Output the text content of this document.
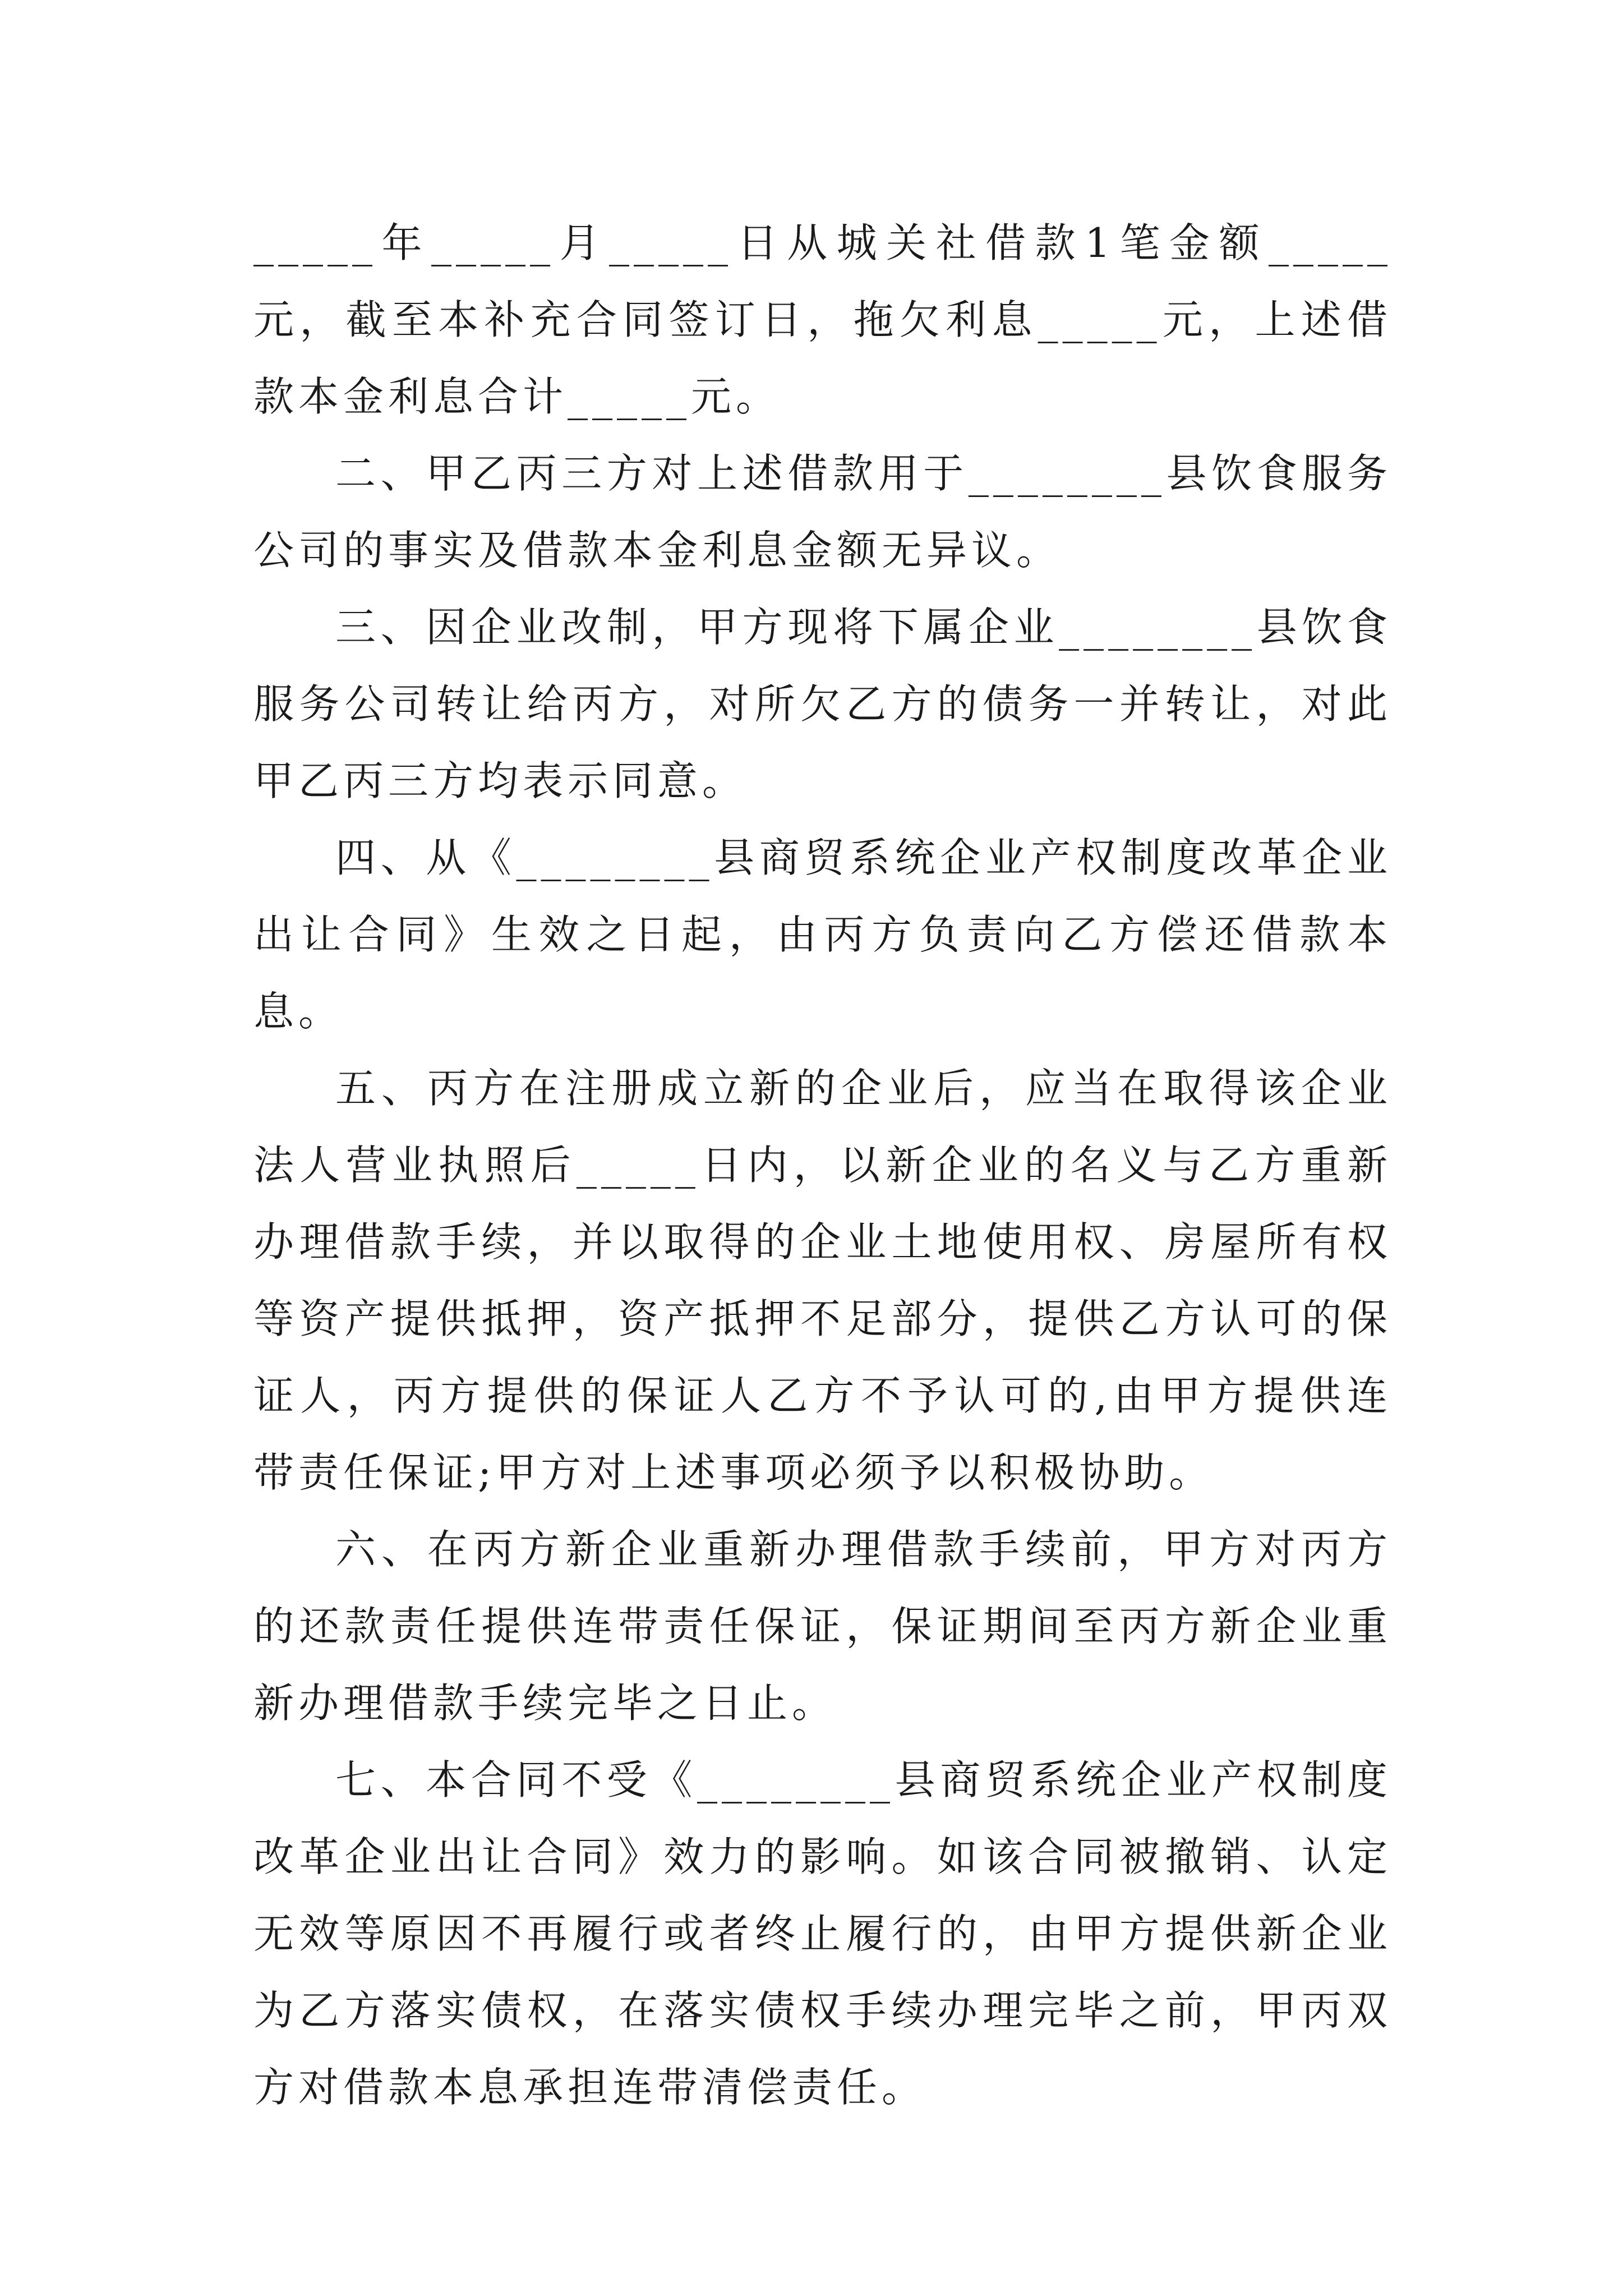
_____年_____月_____日从城关社借款1笔金额_____元，截至本补充合同签订日，拖欠利息_____元，上述借款本金利息合计_____元。

二、甲乙丙三方对上述借款用于________县饮食服务公司的事实及借款本金利息金额无异议。

三、因企业改制，甲方现将下属企业________县饮食服务公司转让给丙方，对所欠乙方的债务一并转让，对此甲乙丙三方均表示同意。

四、从《________县商贸系统企业产权制度改革企业出让合同》生效之日起，由丙方负责向乙方偿还借款本息。

五、丙方在注册成立新的企业后，应当在取得该企业法人营业执照后_____日内，以新企业的名义与乙方重新办理借款手续，并以取得的企业土地使用权、房屋所有权等资产提供抵押，资产抵押不足部分，提供乙方认可的保证人，丙方提供的保证人乙方不予认可的,由甲方提供连带责任保证;甲方对上述事项必须予以积极协助。

六、在丙方新企业重新办理借款手续前，甲方对丙方的还款责任提供连带责任保证，保证期间至丙方新企业重新办理借款手续完毕之日止。

七、本合同不受《________县商贸系统企业产权制度改革企业出让合同》效力的影响。如该合同被撤销、认定无效等原因不再履行或者终止履行的，由甲方提供新企业为乙方落实债权，在落实债权手续办理完毕之前，甲丙双方对借款本息承担连带清偿责任。
